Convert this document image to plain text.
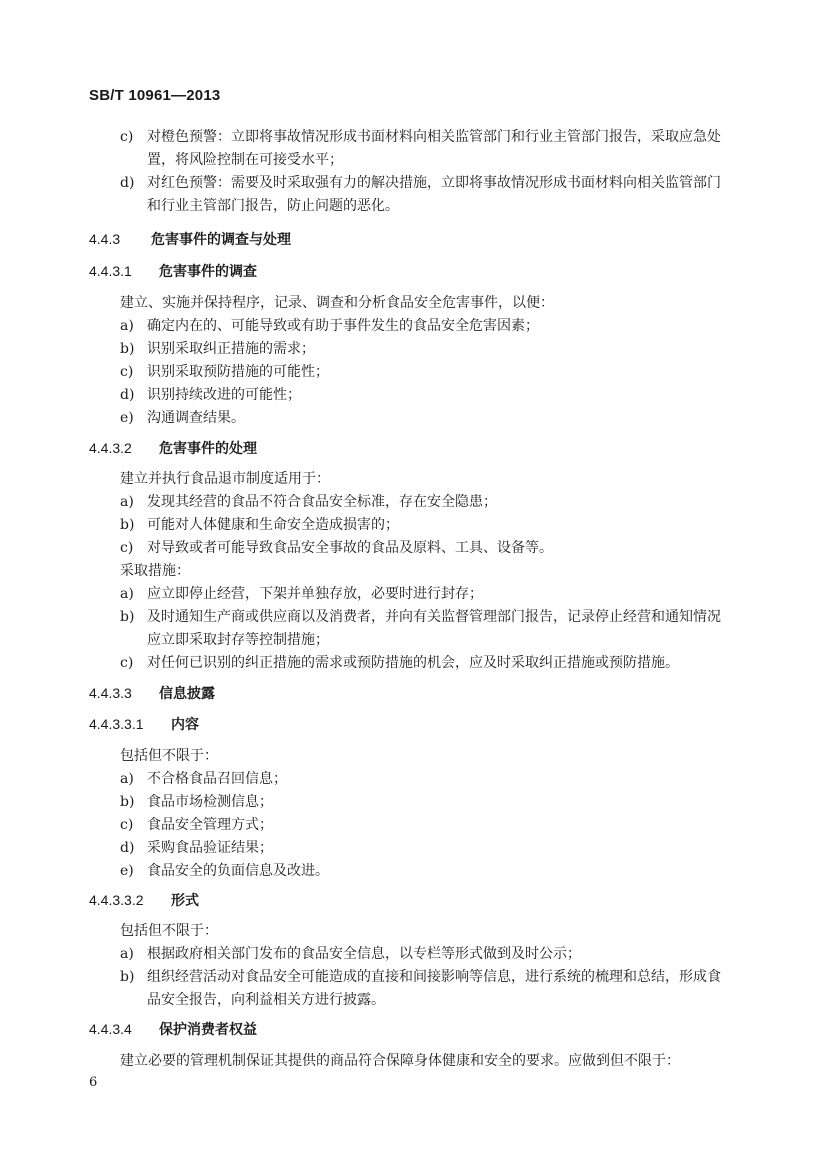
SB/T 10961—2013
c) 对橙色预警：立即将事故情况形成书面材料向相关监管部门和行业主管部门报告，采取应急处
置，将风险控制在可接受水平；
d) 对红色预警：需要及时采取强有力的解决措施，立即将事故情况形成书面材料向相关监管部门
和行业主管部门报告，防止问题的恶化。
4.4.3 危害事件的调查与处理
4.4.3.1 危害事件的调查
建立、实施并保持程序，记录、调查和分析食品安全危害事件，以便：
a) 确定内在的、可能导致或有助于事件发生的食品安全危害因素；
b) 识别采取纠正措施的需求；
c) 识别采取预防措施的可能性；
d) 识别持续改进的可能性；
e) 沟通调查结果。
4.4.3.2 危害事件的处理
建立并执行食品退市制度适用于：
a) 发现其经营的食品不符合食品安全标准，存在安全隐患；
b) 可能对人体健康和生命安全造成损害的；
c) 对导致或者可能导致食品安全事故的食品及原料、工具、设备等。
采取措施：
a) 应立即停止经营，下架并单独存放，必要时进行封存；
b) 及时通知生产商或供应商以及消费者，并向有关监督管理部门报告，记录停止经营和通知情况
应立即采取封存等控制措施；
c) 对任何已识别的纠正措施的需求或预防措施的机会，应及时采取纠正措施或预防措施。
4.4.3.3 信息披露
4.4.3.3.1 内容
包括但不限于：
a) 不合格食品召回信息；
b) 食品市场检测信息；
c) 食品安全管理方式；
d) 采购食品验证结果；
e) 食品安全的负面信息及改进。
4.4.3.3.2 形式
包括但不限于：
a) 根据政府相关部门发布的食品安全信息，以专栏等形式做到及时公示；
b) 组织经营活动对食品安全可能造成的直接和间接影响等信息，进行系统的梳理和总结，形成食
品安全报告，向利益相关方进行披露。
4.4.3.4 保护消费者权益
建立必要的管理机制保证其提供的商品符合保障身体健康和安全的要求。应做到但不限于：
6
